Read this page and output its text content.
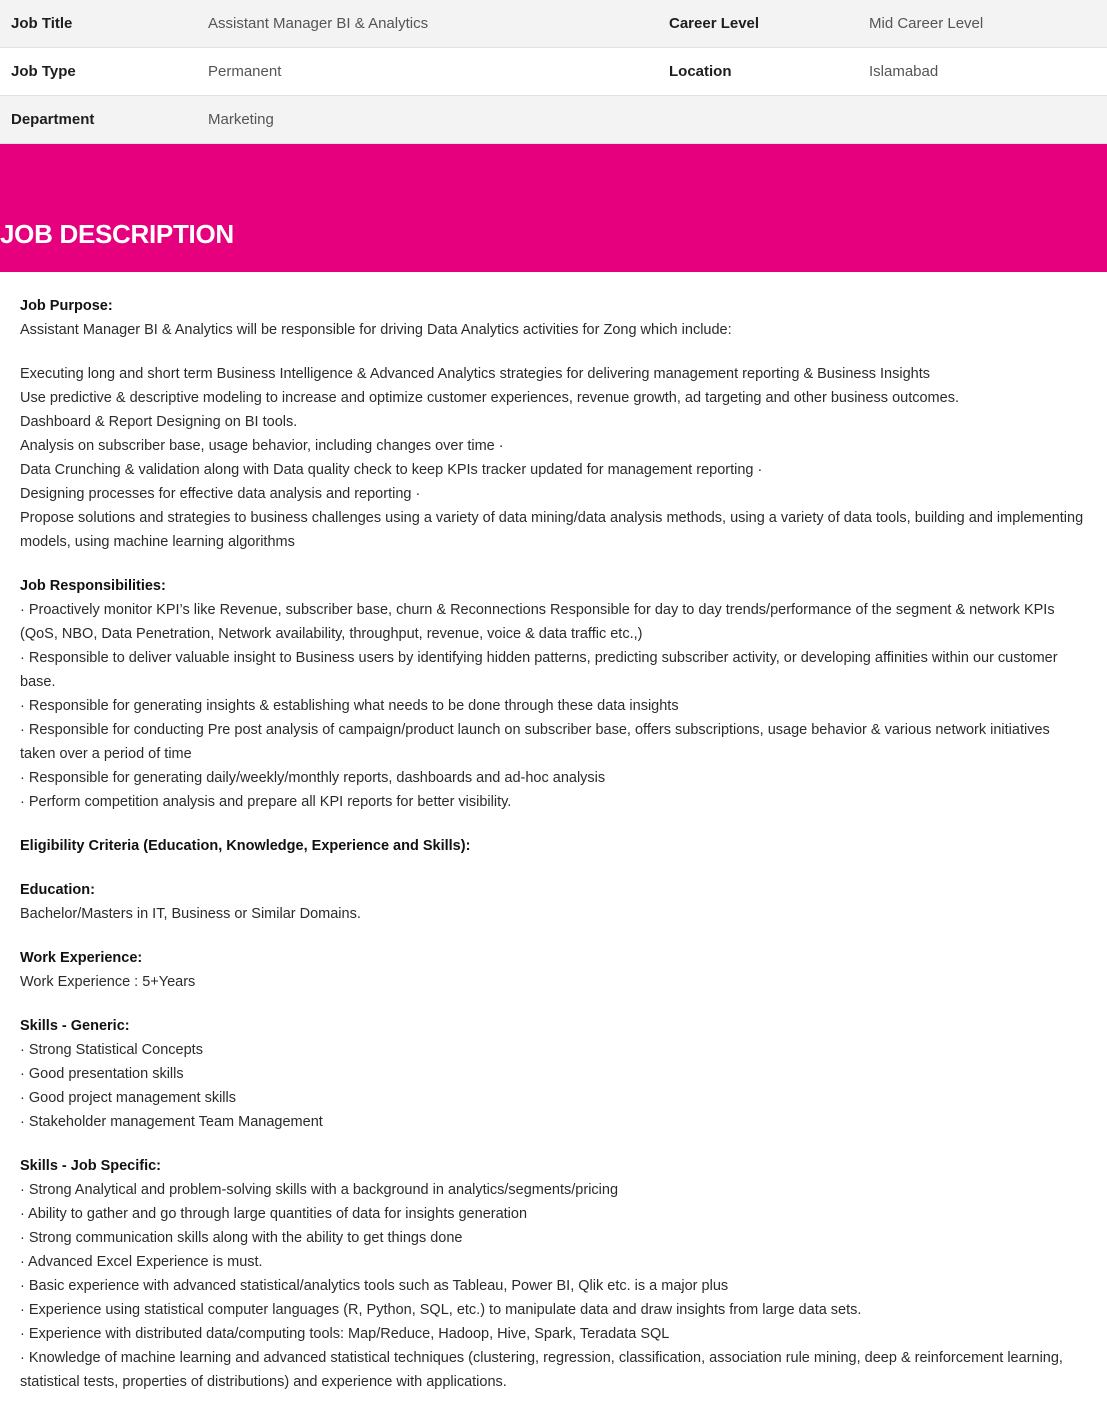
Job Title	Assistant Manager BI & Analytics	Career Level	Mid Career Level
Job Type	Permanent	Location	Islamabad
Department	Marketing
JOB DESCRIPTION

Job Purpose:
Assistant Manager BI & Analytics will be responsible for driving Data Analytics activities for Zong which include:

Executing long and short term Business Intelligence & Advanced Analytics strategies for delivering management reporting & Business Insights
Use predictive & descriptive modeling to increase and optimize customer experiences, revenue growth, ad targeting and other business outcomes.
Dashboard & Report Designing on BI tools.
Analysis on subscriber base, usage behavior, including changes over time ·
Data Crunching & validation along with Data quality check to keep KPIs tracker updated for management reporting ·
Designing processes for effective data analysis and reporting ·
Propose solutions and strategies to business challenges using a variety of data mining/data analysis methods, using a variety of data tools, building and implementing models, using machine learning algorithms

Job Responsibilities:
· Proactively monitor KPI’s like Revenue, subscriber base, churn & Reconnections Responsible for day to day trends/performance of the segment & network KPIs (QoS, NBO, Data Penetration, Network availability, throughput, revenue, voice & data traffic etc.,)
· Responsible to deliver valuable insight to Business users by identifying hidden patterns, predicting subscriber activity, or developing affinities within our customer base.
· Responsible for generating insights & establishing what needs to be done through these data insights
· Responsible for conducting Pre post analysis of campaign/product launch on subscriber base, offers subscriptions, usage behavior & various network initiatives taken over a period of time
· Responsible for generating daily/weekly/monthly reports, dashboards and ad-hoc analysis
· Perform competition analysis and prepare all KPI reports for better visibility.

Eligibility Criteria (Education, Knowledge, Experience and Skills):

Education:
Bachelor/Masters in IT, Business or Similar Domains.

Work Experience:
Work Experience : 5+Years

Skills - Generic:
· Strong Statistical Concepts
· Good presentation skills
· Good project management skills
· Stakeholder management Team Management

Skills - Job Specific:
· Strong Analytical and problem-solving skills with a background in analytics/segments/pricing
· Ability to gather and go through large quantities of data for insights generation
· Strong communication skills along with the ability to get things done
· Advanced Excel Experience is must.
· Basic experience with advanced statistical/analytics tools such as Tableau, Power BI, Qlik etc. is a major plus
· Experience using statistical computer languages (R, Python, SQL, etc.) to manipulate data and draw insights from large data sets.
· Experience with distributed data/computing tools: Map/Reduce, Hadoop, Hive, Spark, Teradata SQL
· Knowledge of machine learning and advanced statistical techniques (clustering, regression, classification, association rule mining, deep & reinforcement learning, statistical tests, properties of distributions) and experience with applications.
